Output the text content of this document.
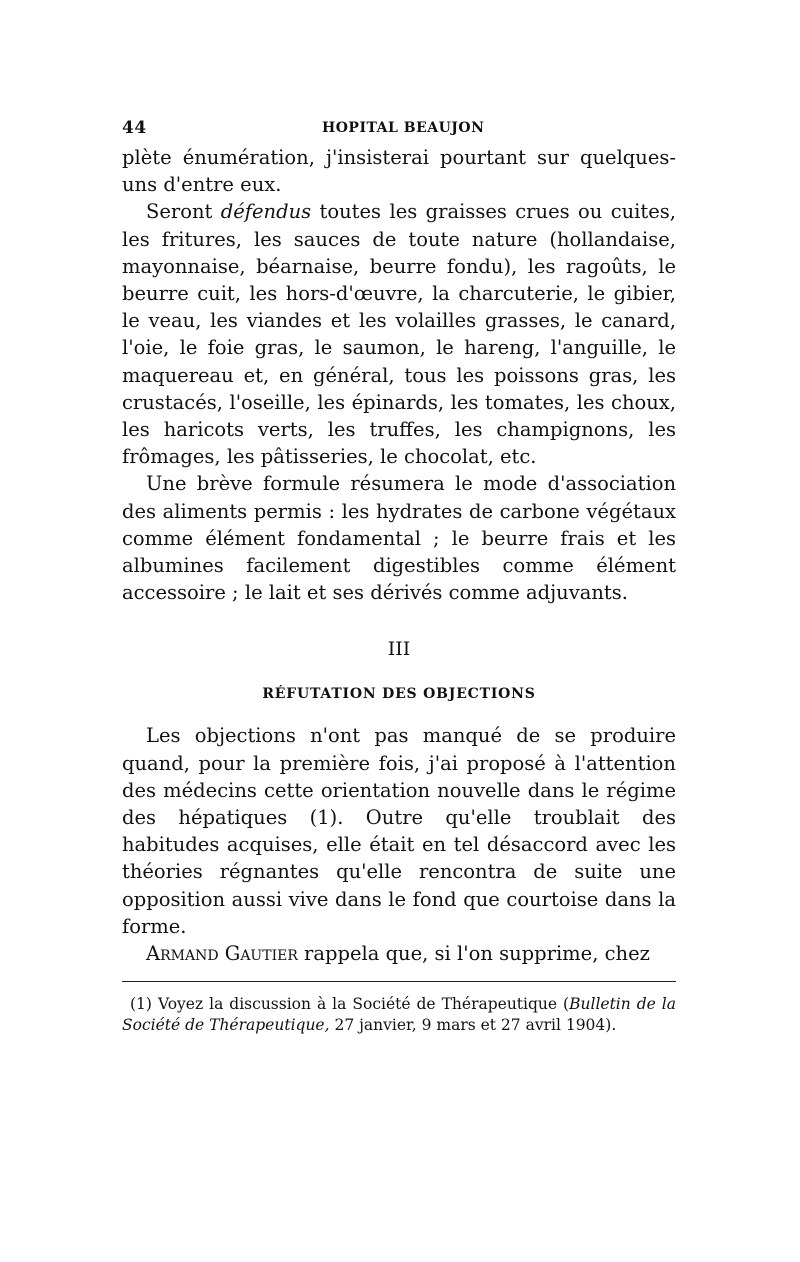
44	HOPITAL BEAUJON

plète énumération, j'insisterai pourtant sur quelques-uns d'entre eux.

Seront défendus toutes les graisses crues ou cuites, les fritures, les sauces de toute nature (hollandaise, mayonnaise, béarnaise, beurre fondu), les ragoûts, le beurre cuit, les hors-d'œuvre, la charcuterie, le gibier, le veau, les viandes et les volailles grasses, le canard, l'oie, le foie gras, le saumon, le hareng, l'anguille, le maquereau et, en général, tous les poissons gras, les crustacés, l'oseille, les épinards, les tomates, les choux, les haricots verts, les truffes, les champignons, les frômages, les pâtisseries, le chocolat, etc.

Une brève formule résumera le mode d'association des aliments permis : les hydrates de carbone végétaux comme élément fondamental ; le beurre frais et les albumines facilement digestibles comme élément accessoire ; le lait et ses dérivés comme adjuvants.

III
RÉFUTATION DES OBJECTIONS

Les objections n'ont pas manqué de se produire quand, pour la première fois, j'ai proposé à l'attention des médecins cette orientation nouvelle dans le régime des hépatiques (1). Outre qu'elle troublait des habitudes acquises, elle était en tel désaccord avec les théories régnantes qu'elle rencontra de suite une opposition aussi vive dans le fond que courtoise dans la forme.

Armand Gautier rappela que, si l'on supprime, chez

(1) Voyez la discussion à la Société de Thérapeutique (Bulletin de la Société de Thérapeutique, 27 janvier, 9 mars et 27 avril 1904).
